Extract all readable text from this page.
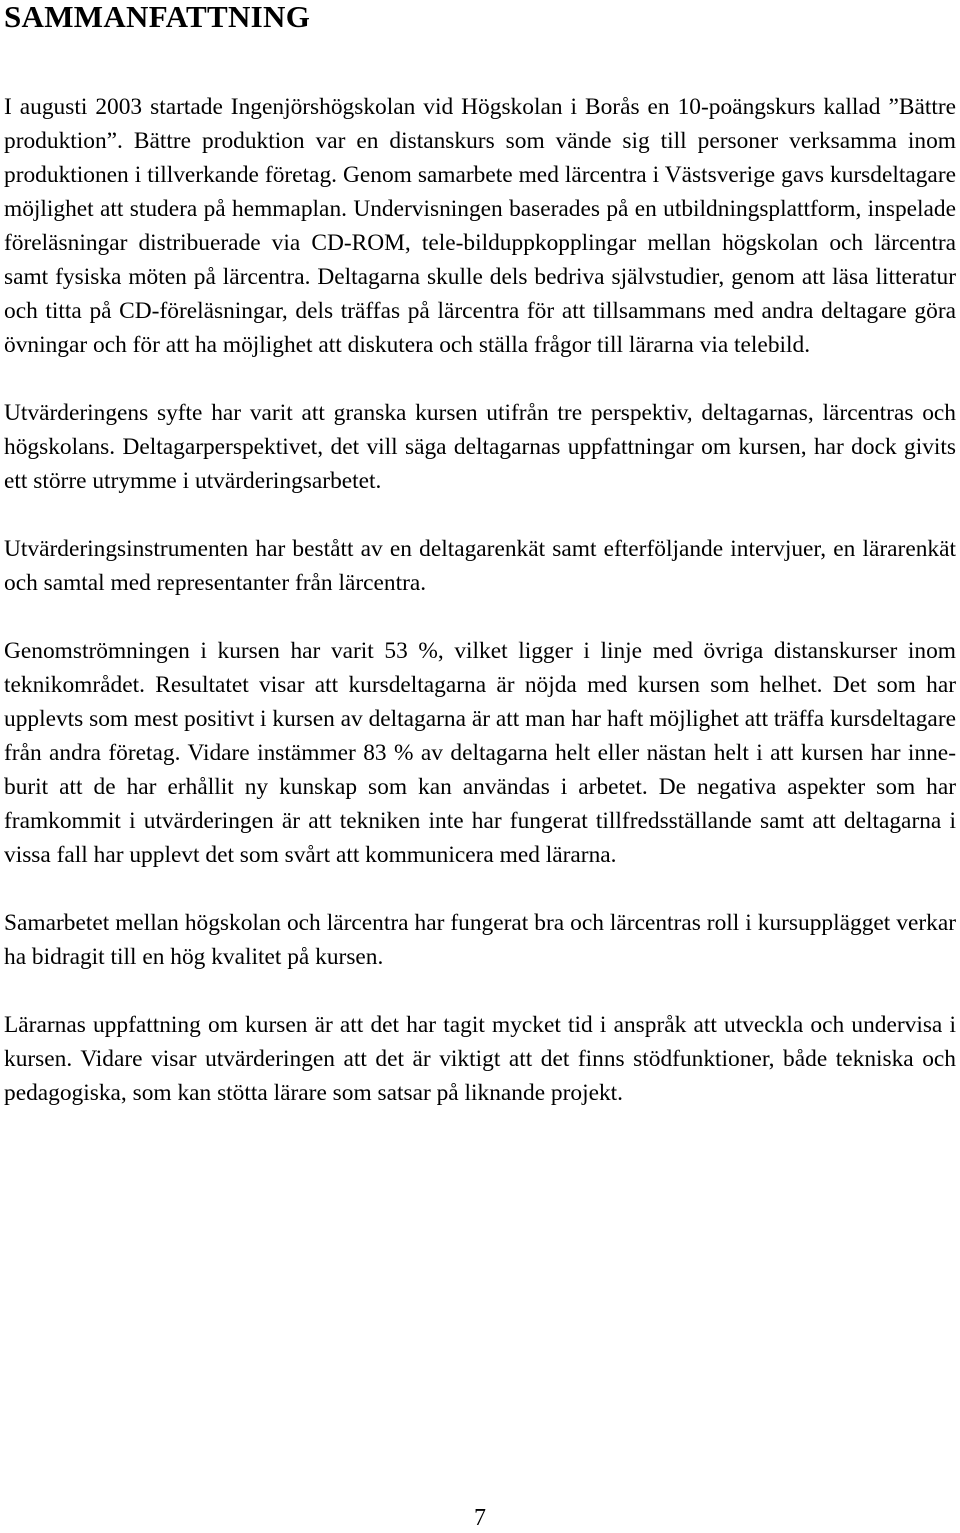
SAMMANFATTNING

I augusti 2003 startade Ingenjörshögskolan vid Högskolan i Borås en 10-poängskurs kallad ”Bättre produktion”. Bättre produktion var en distanskurs som vände sig till personer verksamma inom produktionen i tillverkande företag. Genom samarbete med lärcentra i Västsverige gavs kursdeltagare möjlighet att studera på hemmaplan. Undervisningen baserades på en utbildningsplattform, inspelade föreläsningar distribuerade via CD-ROM, tele-bilduppkopplingar mellan högskolan och lärcentra samt fysiska möten på lärcentra. Deltagarna skulle dels bedriva självstudier, genom att läsa litteratur och titta på CD-föreläsningar, dels träffas på lärcentra för att tillsammans med andra deltagare göra övningar och för att ha möjlighet att diskutera och ställa frågor till lärarna via telebild.

Utvärderingens syfte har varit att granska kursen utifrån tre perspektiv, deltagarnas, lärcentras och högskolans. Deltagarperspektivet, det vill säga deltagarnas uppfattningar om kursen, har dock givits ett större utrymme i utvärderingsarbetet.

Utvärderingsinstrumenten har bestått av en deltagarenkät samt efterföljande intervjuer, en lärarenkät och samtal med representanter från lärcentra.

Genomströmningen i kursen har varit 53 %, vilket ligger i linje med övriga distanskurser inom teknikområdet. Resultatet visar att kursdeltagarna är nöjda med kursen som helhet. Det som har upplevts som mest positivt i kursen av deltagarna är att man har haft möjlighet att träffa kursdeltagare från andra företag. Vidare instämmer 83 % av deltagarna helt eller nästan helt i att kursen har inneburit att de har erhållit ny kunskap som kan användas i arbetet. De negativa aspekter som har framkommit i utvärderingen är att tekniken inte har fungerat tillfredsställande samt att deltagarna i vissa fall har upplevt det som svårt att kommunicera med lärarna.

Samarbetet mellan högskolan och lärcentra har fungerat bra och lärcentras roll i kursupplägget verkar ha bidragit till en hög kvalitet på kursen.

Lärarnas uppfattning om kursen är att det har tagit mycket tid i anspråk att utveckla och undervisa i kursen. Vidare visar utvärderingen att det är viktigt att det finns stödfunktioner, både tekniska och pedagogiska, som kan stötta lärare som satsar på liknande projekt.

7
